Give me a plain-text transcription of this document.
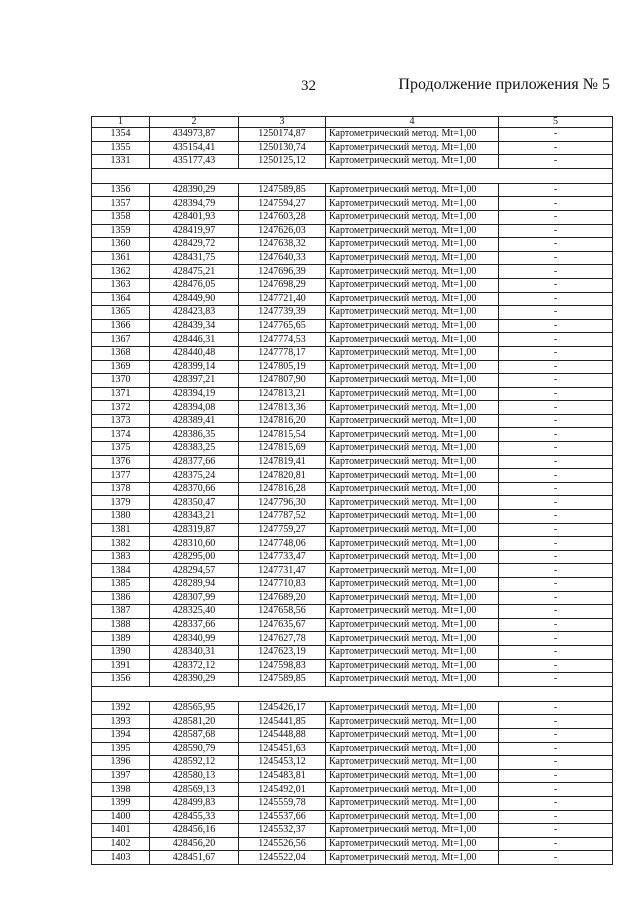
32	Продолжение приложения № 5
1	2	3	4	5
1354	434973,87	1250174,87	Картометрический метод. Mt=1,00	-
1355	435154,41	1250130,74	Картометрический метод. Mt=1,00	-
1331	435177,43	1250125,12	Картометрический метод. Mt=1,00	-

1356	428390,29	1247589,85	Картометрический метод. Mt=1,00	-
1357	428394,79	1247594,27	Картометрический метод. Mt=1,00	-
1358	428401,93	1247603,28	Картометрический метод. Mt=1,00	-
1359	428419,97	1247626,03	Картометрический метод. Mt=1,00	-
1360	428429,72	1247638,32	Картометрический метод. Mt=1,00	-
1361	428431,75	1247640,33	Картометрический метод. Mt=1,00	-
1362	428475,21	1247696,39	Картометрический метод. Mt=1,00	-
1363	428476,05	1247698,29	Картометрический метод. Mt=1,00	-
1364	428449,90	1247721,40	Картометрический метод. Mt=1,00	-
1365	428423,83	1247739,39	Картометрический метод. Mt=1,00	-
1366	428439,34	1247765,65	Картометрический метод. Mt=1,00	-
1367	428446,31	1247774,53	Картометрический метод. Mt=1,00	-
1368	428440,48	1247778,17	Картометрический метод. Mt=1,00	-
1369	428399,14	1247805,19	Картометрический метод. Mt=1,00	-
1370	428397,21	1247807,90	Картометрический метод. Mt=1,00	-
1371	428394,19	1247813,21	Картометрический метод. Mt=1,00	-
1372	428394,08	1247813,36	Картометрический метод. Mt=1,00	-
1373	428389,41	1247816,20	Картометрический метод. Mt=1,00	-
1374	428386,35	1247815,54	Картометрический метод. Mt=1,00	-
1375	428383,25	1247815,69	Картометрический метод. Mt=1,00	-
1376	428377,66	1247819,41	Картометрический метод. Mt=1,00	-
1377	428375,24	1247820,81	Картометрический метод. Mt=1,00	-
1378	428370,66	1247816,28	Картометрический метод. Mt=1,00	-
1379	428350,47	1247796,30	Картометрический метод. Mt=1,00	-
1380	428343,21	1247787,52	Картометрический метод. Mt=1,00	-
1381	428319,87	1247759,27	Картометрический метод. Mt=1,00	-
1382	428310,60	1247748,06	Картометрический метод. Mt=1,00	-
1383	428295,00	1247733,47	Картометрический метод. Mt=1,00	-
1384	428294,57	1247731,47	Картометрический метод. Mt=1,00	-
1385	428289,94	1247710,83	Картометрический метод. Mt=1,00	-
1386	428307,99	1247689,20	Картометрический метод. Mt=1,00	-
1387	428325,40	1247658,56	Картометрический метод. Mt=1,00	-
1388	428337,66	1247635,67	Картометрический метод. Mt=1,00	-
1389	428340,99	1247627,78	Картометрический метод. Mt=1,00	-
1390	428340,31	1247623,19	Картометрический метод. Mt=1,00	-
1391	428372,12	1247598,83	Картометрический метод. Mt=1,00	-
1356	428390,29	1247589,85	Картометрический метод. Mt=1,00	-

1392	428565,95	1245426,17	Картометрический метод. Mt=1,00	-
1393	428581,20	1245441,85	Картометрический метод. Mt=1,00	-
1394	428587,68	1245448,88	Картометрический метод. Mt=1,00	-
1395	428590,79	1245451,63	Картометрический метод. Mt=1,00	-
1396	428592,12	1245453,12	Картометрический метод. Mt=1,00	-
1397	428580,13	1245483,81	Картометрический метод. Mt=1,00	-
1398	428569,13	1245492,01	Картометрический метод. Mt=1,00	-
1399	428499,83	1245559,78	Картометрический метод. Mt=1,00	-
1400	428455,33	1245537,66	Картометрический метод. Mt=1,00	-
1401	428456,16	1245532,37	Картометрический метод. Mt=1,00	-
1402	428456,20	1245526,56	Картометрический метод. Mt=1,00	-
1403	428451,67	1245522,04	Картометрический метод. Mt=1,00	-
